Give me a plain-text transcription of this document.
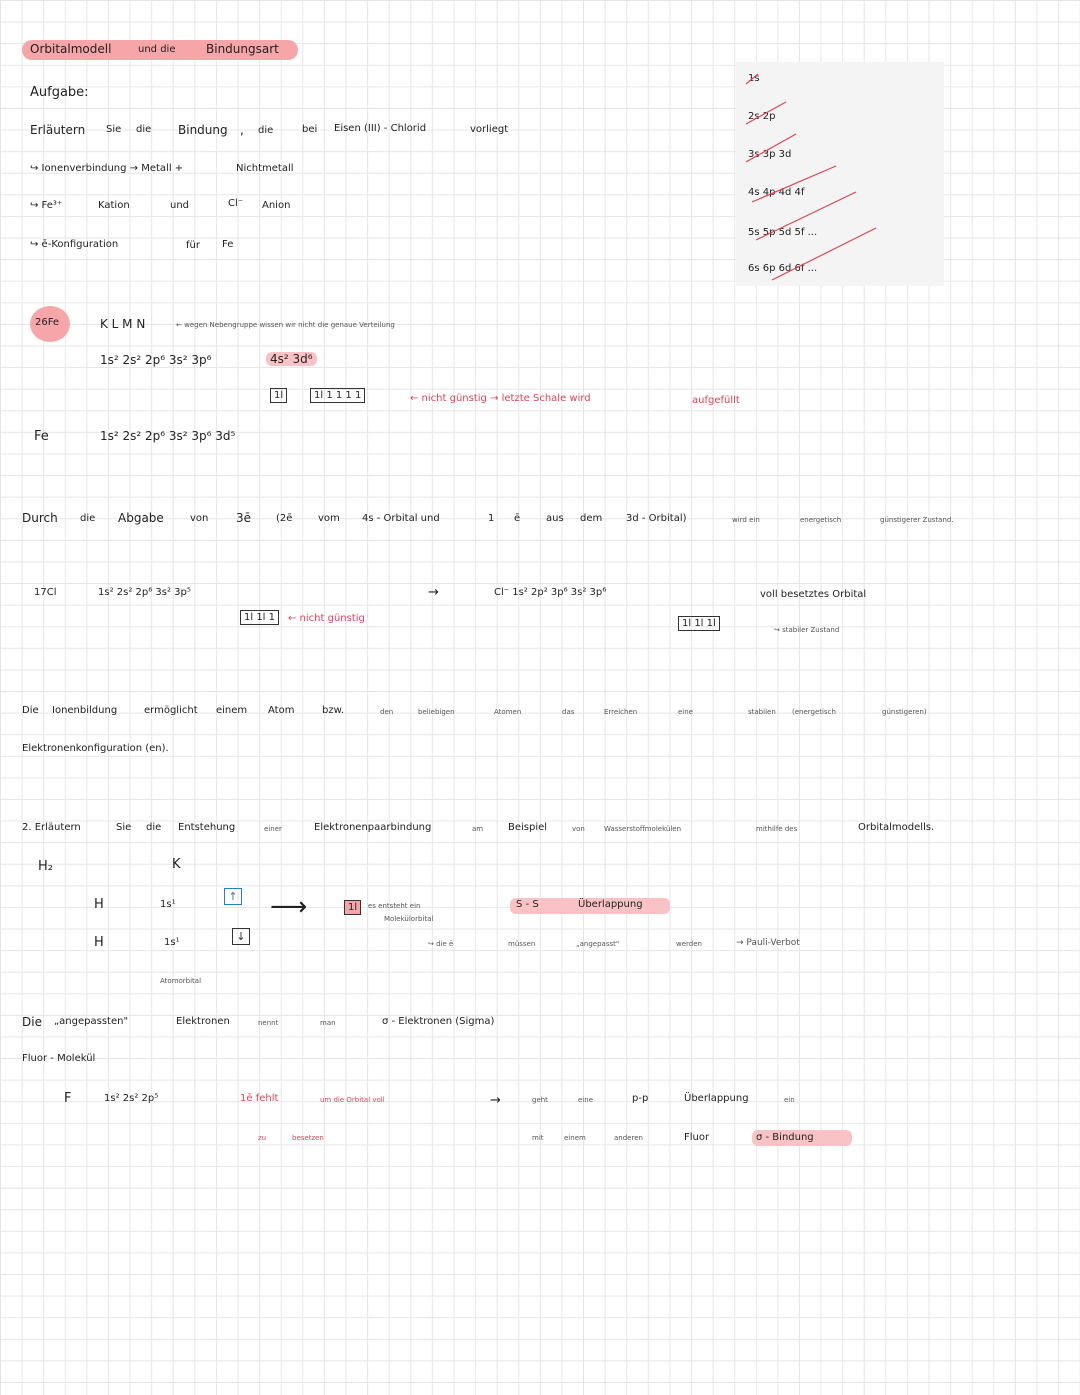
Orbitalmodell	und die	Bindungsart
Aufgabe:
Erläutern Sie die Bindung , die	bei Eisen (III) - Chlorid	vorliegt
↪ Ionenverbindung → Metall +	Nichtmetall
↪ Fe³⁺	Kation	und	Cl⁻ Anion
↪ ē-Konfiguration	für Fe
1s
2s 2p
3s 3p 3d
4s 4p 4d 4f
5s 5p 5d 5f ...
6s 6p 6d 6f ...
26Fe	K L M N	← wegen Nebengruppe wissen wir nicht die genaue Verteilung
1s² 2s² 2p⁶ 3s² 3p⁶	4s² 3d⁶
1l	1l 1 1 1 1	← nicht günstig → letzte Schale wird	aufgefüllt
Fe	1s² 2s² 2p⁶ 3s² 3p⁶ 3d⁵
Durch die Abgabe	von 3ē (2ē	vom 4s - Orbital und	1 ē	aus dem 3d - Orbital)	wird ein	energetisch	günstigerer Zustand.
17Cl	1s² 2s² 2p⁶ 3s² 3p⁵
1l 1l 1	← nicht günstig
→	Cl⁻ 1s² 2p² 3p⁶ 3s² 3p⁶
1l 1l 1l
voll besetztes Orbital
↪ stabiler Zustand
Die Ionenbildung	ermöglicht einem Atom	bzw.	den	beliebigen	Atomen	das	Erreichen	eine	stabilen (energetisch	günstigeren)
Elektronenkonfiguration (en).
2. Erläutern	Sie die Entstehung	einer	Elektronenpaarbindung	am Beispiel	von	Wasserstoffmolekülen	mithilfe des	Orbitalmodells.
H₂	K
H	1s¹
↑
H	1s¹	↓
⟶	1l	es entsteht ein
Molekülorbital
S - S	Überlappung
↪ die ē	müssen	„angepasst"	werden	→ Pauli-Verbot
Atomorbital
Die „angepassten"	Elektronen	nennt	man	σ - Elektronen (Sigma)
Fluor - Molekül
F	1s² 2s² 2p⁵	1ē fehlt	um die Orbital voll
zu	besetzen
→	geht	eine	p-p	Überlappung	ein
mit	einem	anderen	Fluor	σ - Bindung
